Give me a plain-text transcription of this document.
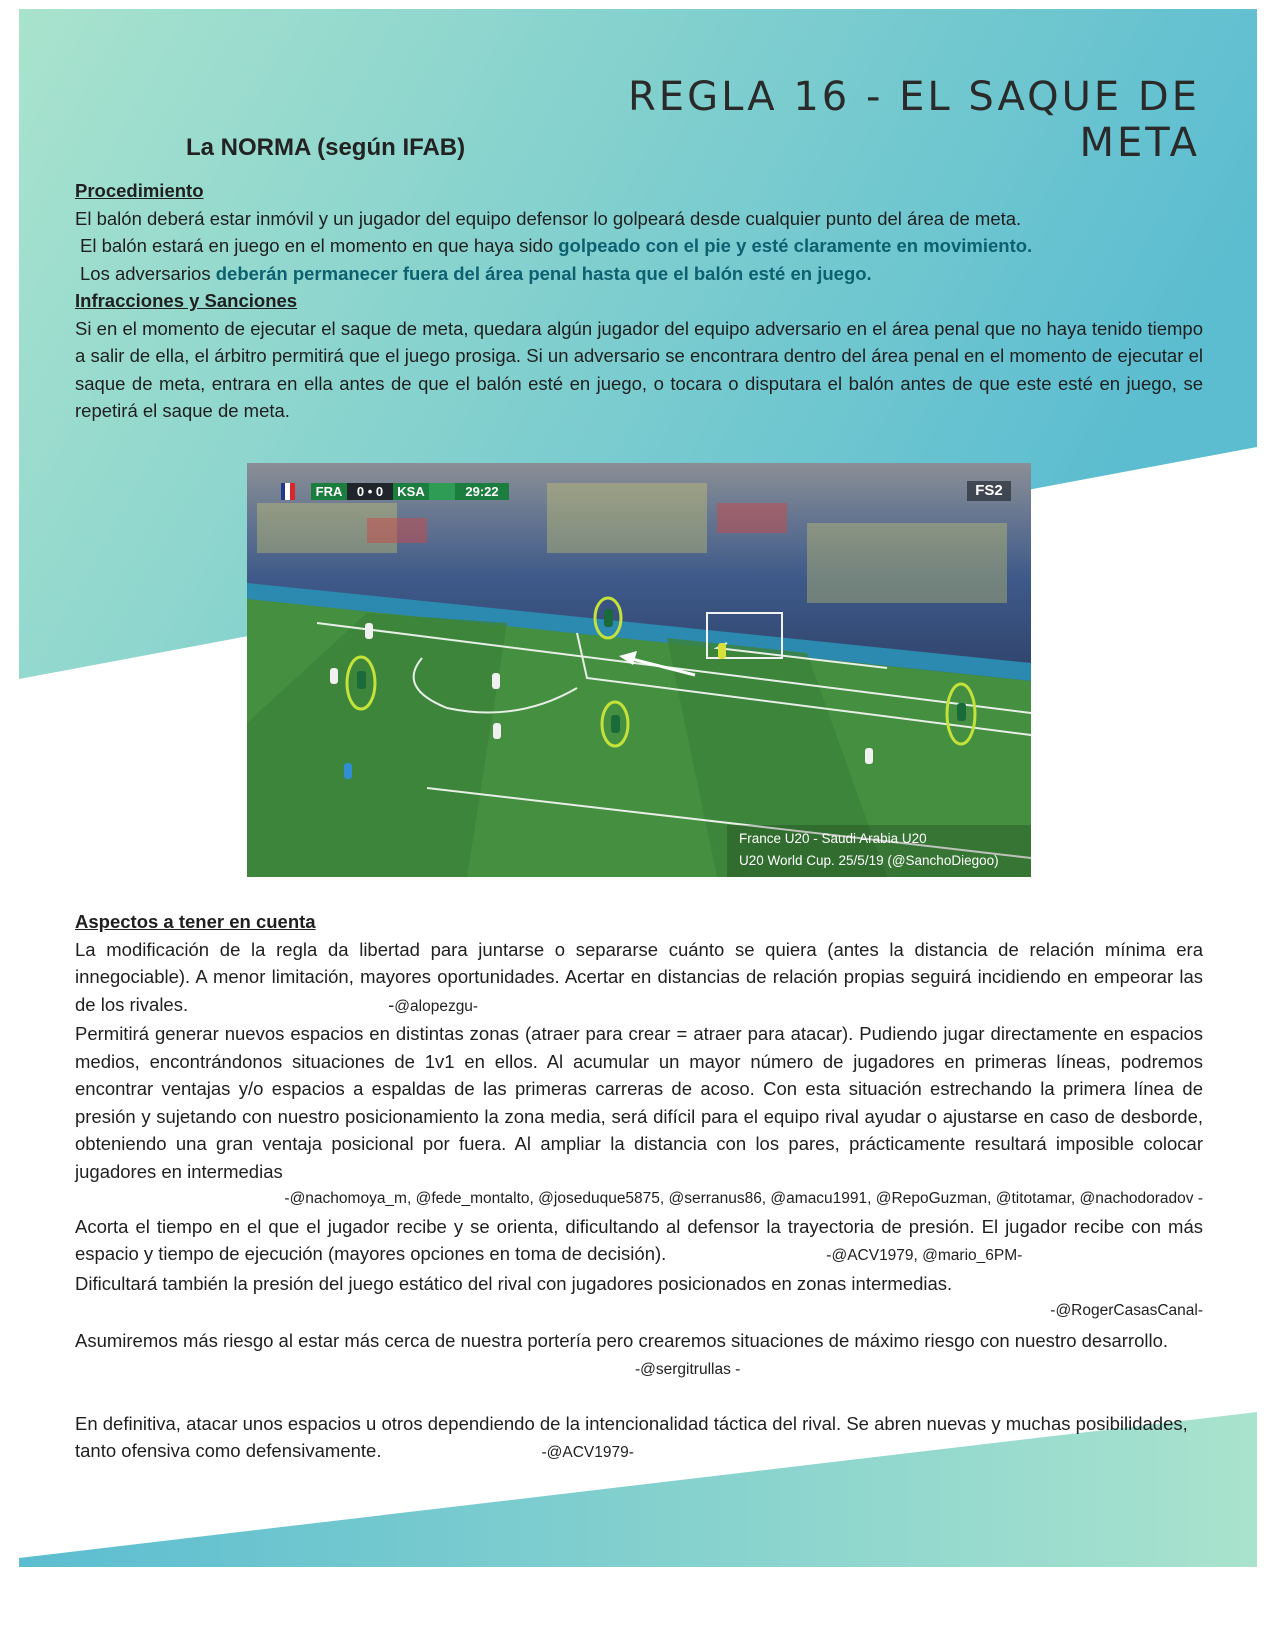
REGLA 16 - EL SAQUE DE META
La NORMA (según IFAB)
Procedimiento
El balón deberá estar inmóvil y un jugador del equipo defensor lo golpeará desde cualquier punto del área de meta.
El balón estará en juego en el momento en que haya sido golpeado con el pie y esté claramente en movimiento.
Los adversarios deberán permanecer fuera del área penal hasta que el balón esté en juego.
Infracciones y Sanciones
Si en el momento de ejecutar el saque de meta, quedara algún jugador del equipo adversario en el área penal que no haya tenido tiempo a salir de ella, el árbitro permitirá que el juego prosiga. Si un adversario se encontrara dentro del área penal en el momento de ejecutar el saque de meta, entrara en ella antes de que el balón esté en juego, o tocara o disputara el balón antes de que este esté en juego, se repetirá el saque de meta.
FRA	0 • 0	KSA	29:22	FS2
France U20 - Saudi Arabia U20
U20 World Cup. 25/5/19 (@SanchoDiegoo)
Aspectos a tener en cuenta
La modificación de la regla da libertad para juntarse o separarse cuánto se quiera (antes la distancia de relación mínima era innegociable). A menor limitación, mayores oportunidades. Acertar en distancias de relación propias seguirá incidiendo en empeorar las de los rivales.	-@alopezgu-
Permitirá generar nuevos espacios en distintas zonas (atraer para crear = atraer para atacar). Pudiendo jugar directamente en espacios medios, encontrándonos situaciones de 1v1 en ellos. Al acumular un mayor número de jugadores en primeras líneas, podremos encontrar ventajas y/o espacios a espaldas de las primeras carreras de acoso. Con esta situación estrechando la primera línea de presión y sujetando con nuestro posicionamiento la zona media, será difícil para el equipo rival ayudar o ajustarse en caso de desborde, obteniendo una gran ventaja posicional por fuera. Al ampliar la distancia con los pares, prácticamente resultará imposible colocar jugadores en intermedias
-@nachomoya_m, @fede_montalto, @joseduque5875, @serranus86, @amacu1991, @RepoGuzman, @titotamar, @nachodoradov -
Acorta el tiempo en el que el jugador recibe y se orienta, dificultando al defensor la trayectoria de presión. El jugador recibe con más espacio y tiempo de ejecución (mayores opciones en toma de decisión).	-@ACV1979, @mario_6PM-
Dificultará también la presión del juego estático del rival con jugadores posicionados en zonas intermedias.
-@RogerCasasCanal-
Asumiremos más riesgo al estar más cerca de nuestra portería pero crearemos situaciones de máximo riesgo con nuestro desarrollo.-@sergitrullas -
En definitiva, atacar unos espacios u otros dependiendo de la intencionalidad táctica del rival. Se abren nuevas y muchas posibilidades, tanto ofensiva como defensivamente.	-@ACV1979-
